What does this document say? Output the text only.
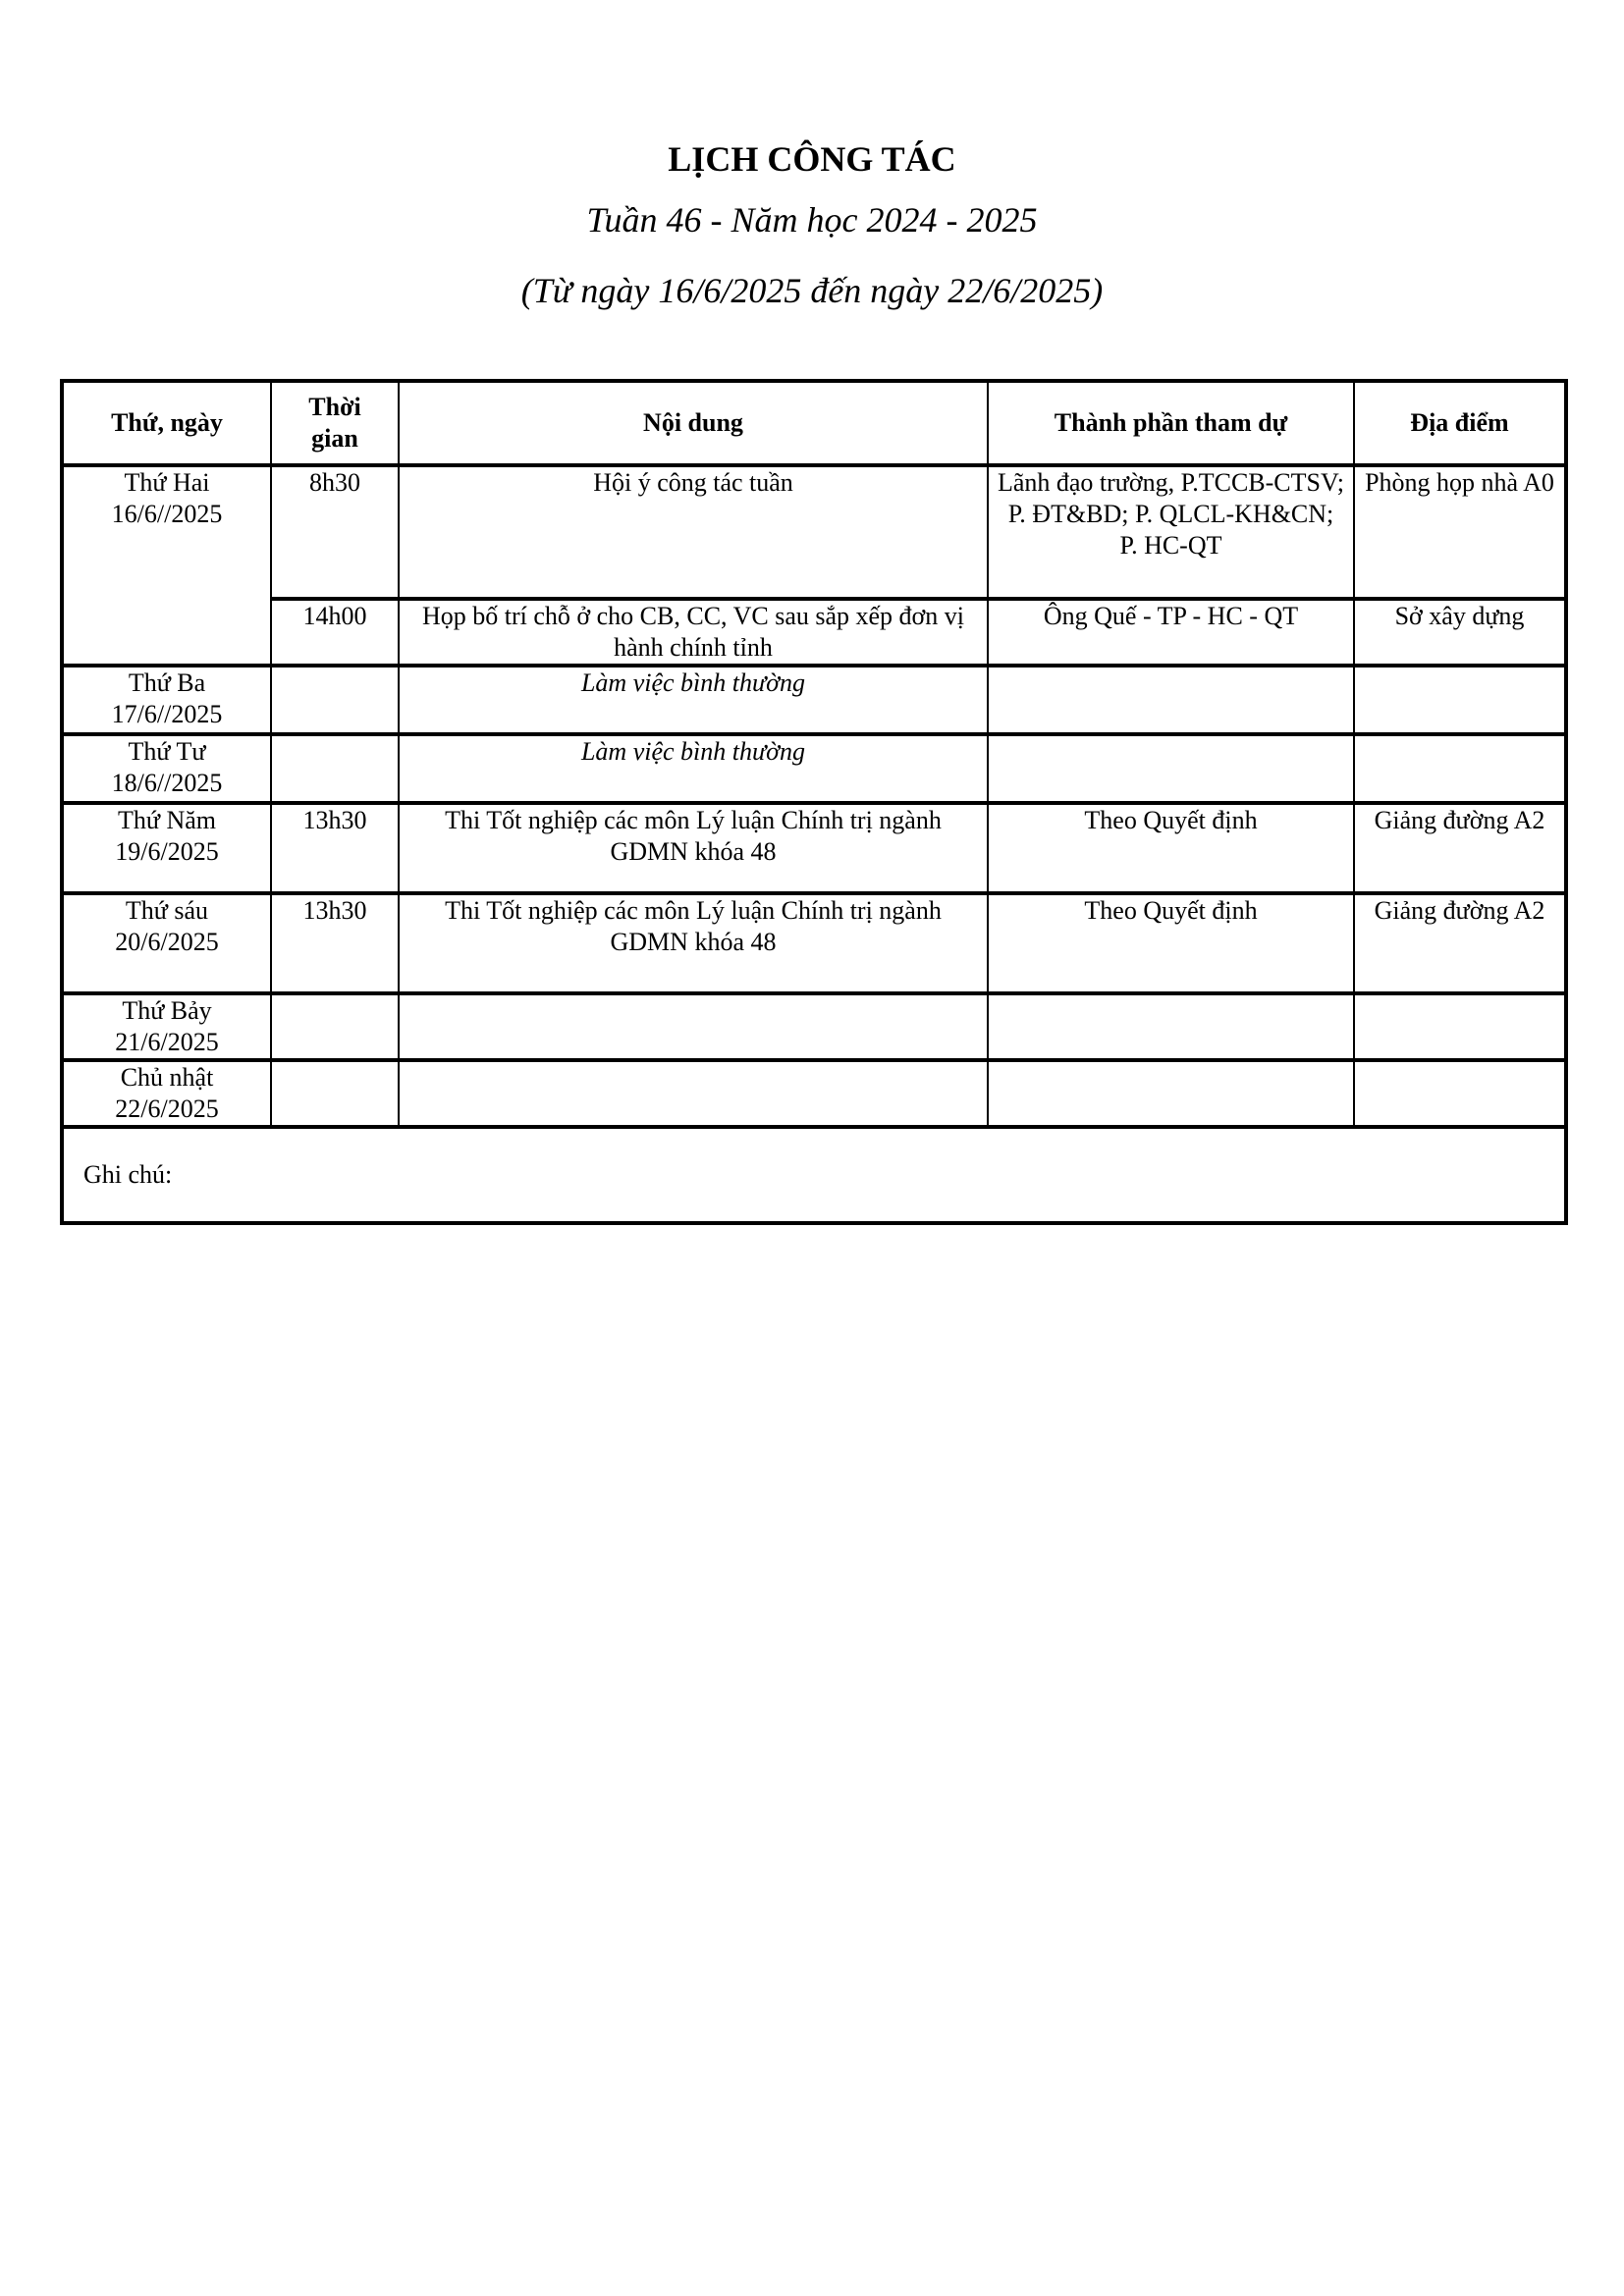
LỊCH CÔNG TÁC
Tuần 46 - Năm học 2024 - 2025
(Từ ngày 16/6/2025 đến ngày 22/6/2025)
Thứ, ngày	Thời gian	Nội dung	Thành phần tham dự	Địa điểm

Thứ Hai
16/6//2025	8h30	Hội ý công tác tuần	Lãnh đạo trường, P.TCCB-CTSV; P. ĐT&BD; P. QLCL-KH&CN; P. HC-QT	Phòng họp nhà A0
	14h00	Họp bố trí chỗ ở cho CB, CC, VC sau sắp xếp đơn vị hành chính tỉnh	Ông Quế - TP - HC - QT	Sở xây dựng

Thứ Ba
17/6//2025		Làm việc bình thường		

Thứ Tư
18/6//2025		Làm việc bình thường		

Thứ Năm
19/6/2025	13h30	Thi Tốt nghiệp các môn Lý luận Chính trị ngành GDMN khóa 48	Theo Quyết định	Giảng đường A2

Thứ sáu
20/6/2025	13h30	Thi Tốt nghiệp các môn Lý luận Chính trị ngành GDMN khóa 48	Theo Quyết định	Giảng đường A2

Thứ Bảy
21/6/2025				

Chủ nhật
22/6/2025				

Ghi chú:				
